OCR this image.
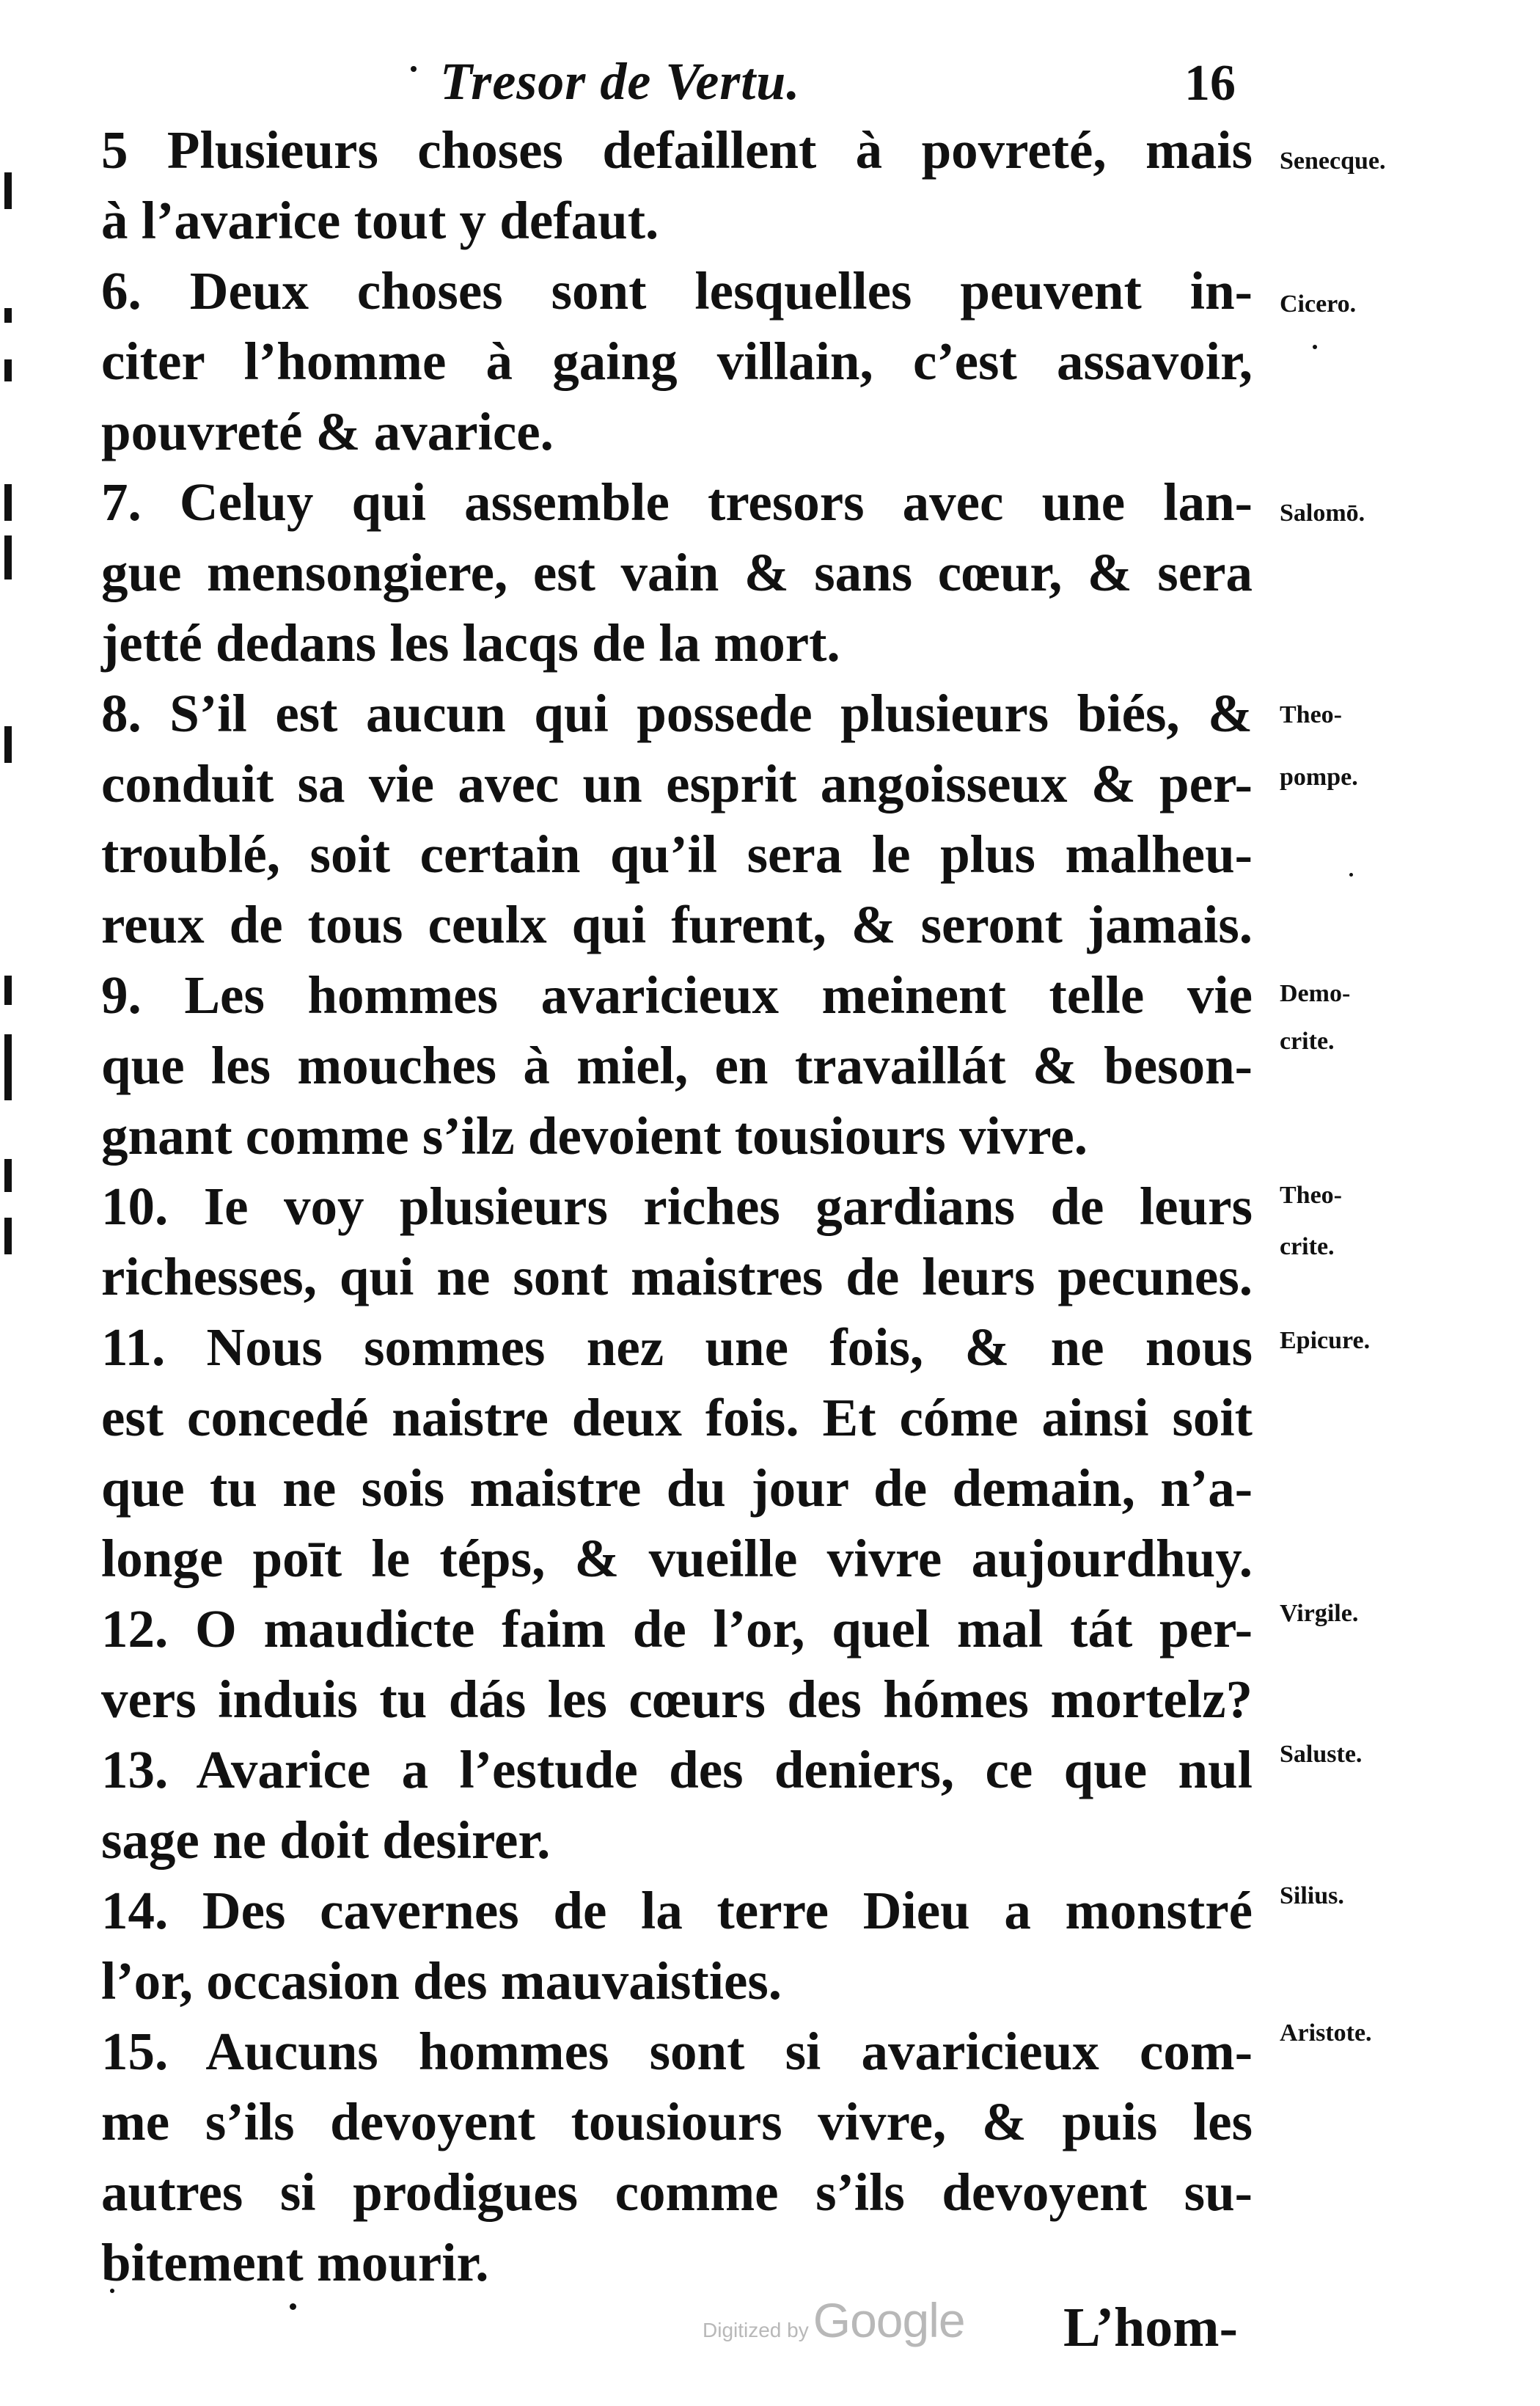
Tresor de Vertu.	16
5 Plusieurs choses defaillent à povreté, mais
à l’avarice tout y defaut.
6. Deux choses sont lesquelles peuvent in-
citer l’homme à gaing villain, c’est assavoir,
pouvreté & avarice.
7. Celuy qui assemble tresors avec une lan-
gue mensongiere, est vain & sans cœur, & sera
jetté dedans les lacqs de la mort.
8. S’il est aucun qui possede plusieurs biés, &
conduit sa vie avec un esprit angoisseux & per-
troublé, soit certain qu’il sera le plus malheu-
reux de tous ceulx qui furent, & seront jamais.
9. Les hommes avaricieux meinent telle vie
que les mouches à miel, en travaillát & beson-
gnant comme s’ilz devoient tousiours vivre.
10. Ie voy plusieurs riches gardians de leurs
richesses, qui ne sont maistres de leurs pecunes.
11. Nous sommes nez une fois, & ne nous
est concedé naistre deux fois. Et cóme ainsi soit
que tu ne sois maistre du jour de demain, n’a-
longe poīt le téps, & vueille vivre aujourdhuy.
12. O maudicte faim de l’or, quel mal tát per-
vers induis tu dás les cœurs des hómes mortelz?
13. Avarice a l’estude des deniers, ce que nul
sage ne doit desirer.
14. Des cavernes de la terre Dieu a monstré
l’or, occasion des mauvaisties.
15. Aucuns hommes sont si avaricieux com-
me s’ils devoyent tousiours vivre, & puis les
autres si prodigues comme s’ils devoyent su-
bitement mourir.
Senecque.
Cicero.
Salomō.
Theo-
pompe.
Demo-
crite.
Theo-
crite.
Epicure.
Virgile.
Saluste.
Silius.
Aristote.
Digitized byGoogle L’hom-
